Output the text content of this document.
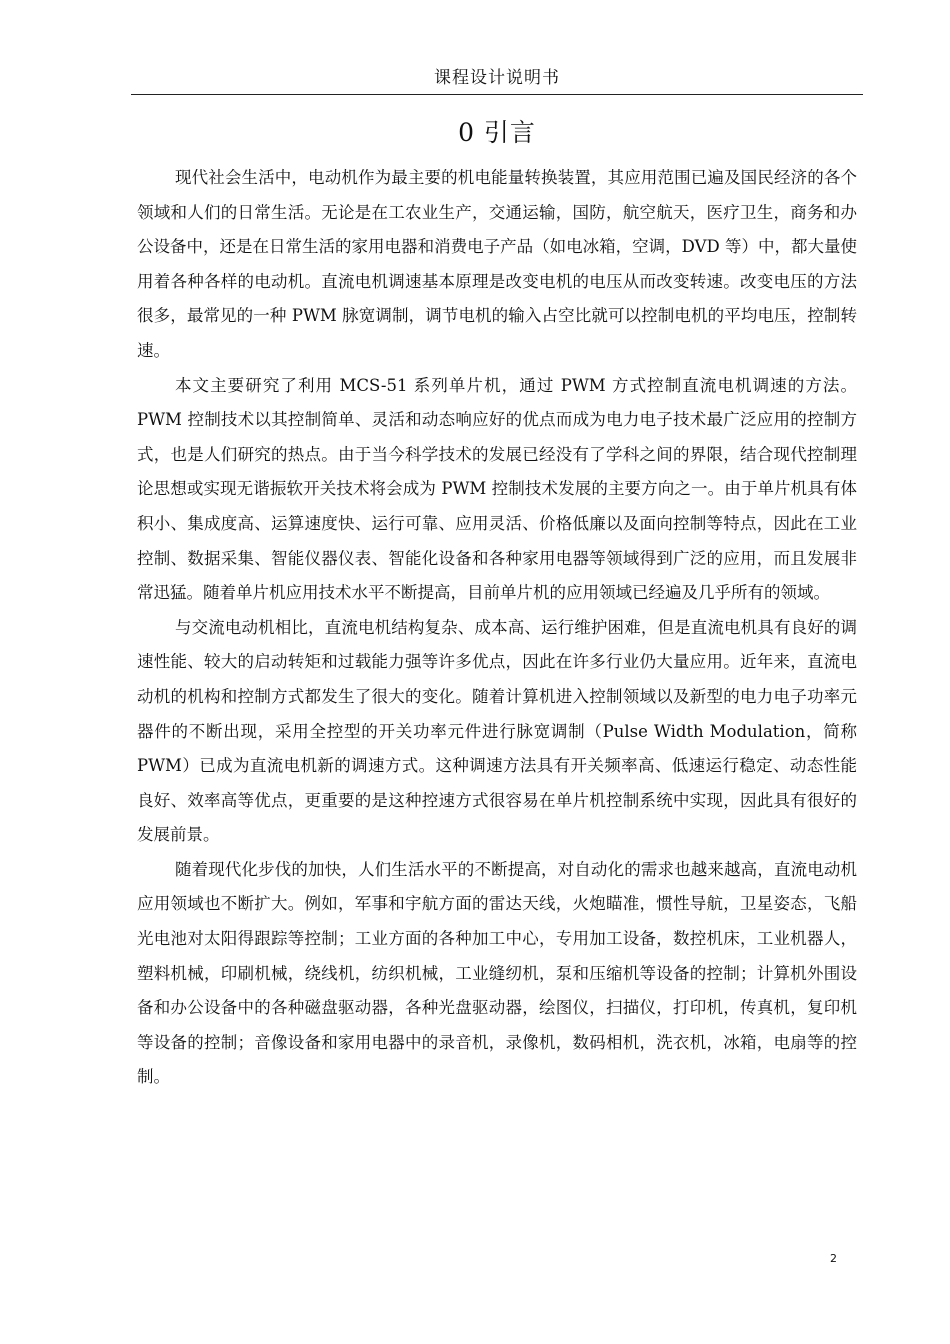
课程设计说明书
0 引言

现代社会生活中，电动机作为最主要的机电能量转换装置，其应用范围已遍及国民经济的各个领域和人们的日常生活。无论是在工农业生产，交通运输，国防，航空航天，医疗卫生，商务和办公设备中，还是在日常生活的家用电器和消费电子产品（如电冰箱，空调，DVD 等）中，都大量使用着各种各样的电动机。直流电机调速基本原理是改变电机的电压从而改变转速。改变电压的方法很多，最常见的一种 PWM 脉宽调制，调节电机的输入占空比就可以控制电机的平均电压，控制转速。

本文主要研究了利用 MCS-51 系列单片机，通过 PWM 方式控制直流电机调速的方法。PWM 控制技术以其控制简单、灵活和动态响应好的优点而成为电力电子技术最广泛应用的控制方式，也是人们研究的热点。由于当今科学技术的发展已经没有了学科之间的界限，结合现代控制理论思想或实现无谐振软开关技术将会成为 PWM 控制技术发展的主要方向之一。由于单片机具有体积小、集成度高、运算速度快、运行可靠、应用灵活、价格低廉以及面向控制等特点，因此在工业控制、数据采集、智能仪器仪表、智能化设备和各种家用电器等领域得到广泛的应用，而且发展非常迅猛。随着单片机应用技术水平不断提高，目前单片机的应用领域已经遍及几乎所有的领域。

与交流电动机相比，直流电机结构复杂、成本高、运行维护困难，但是直流电机具有良好的调速性能、较大的启动转矩和过载能力强等许多优点，因此在许多行业仍大量应用。近年来，直流电动机的机构和控制方式都发生了很大的变化。随着计算机进入控制领域以及新型的电力电子功率元器件的不断出现，采用全控型的开关功率元件进行脉宽调制（Pulse Width Modulation，简称 PWM）已成为直流电机新的调速方式。这种调速方法具有开关频率高、低速运行稳定、动态性能良好、效率高等优点，更重要的是这种控速方式很容易在单片机控制系统中实现，因此具有很好的发展前景。

随着现代化步伐的加快，人们生活水平的不断提高，对自动化的需求也越来越高，直流电动机应用领域也不断扩大。例如，军事和宇航方面的雷达天线，火炮瞄准，惯性导航，卫星姿态，飞船光电池对太阳得跟踪等控制；工业方面的各种加工中心，专用加工设备，数控机床，工业机器人，塑料机械，印刷机械，绕线机，纺织机械，工业缝纫机，泵和压缩机等设备的控制；计算机外围设备和办公设备中的各种磁盘驱动器，各种光盘驱动器，绘图仪，扫描仪，打印机，传真机，复印机等设备的控制；音像设备和家用电器中的录音机，录像机，数码相机，洗衣机，冰箱，电扇等的控制。

2
